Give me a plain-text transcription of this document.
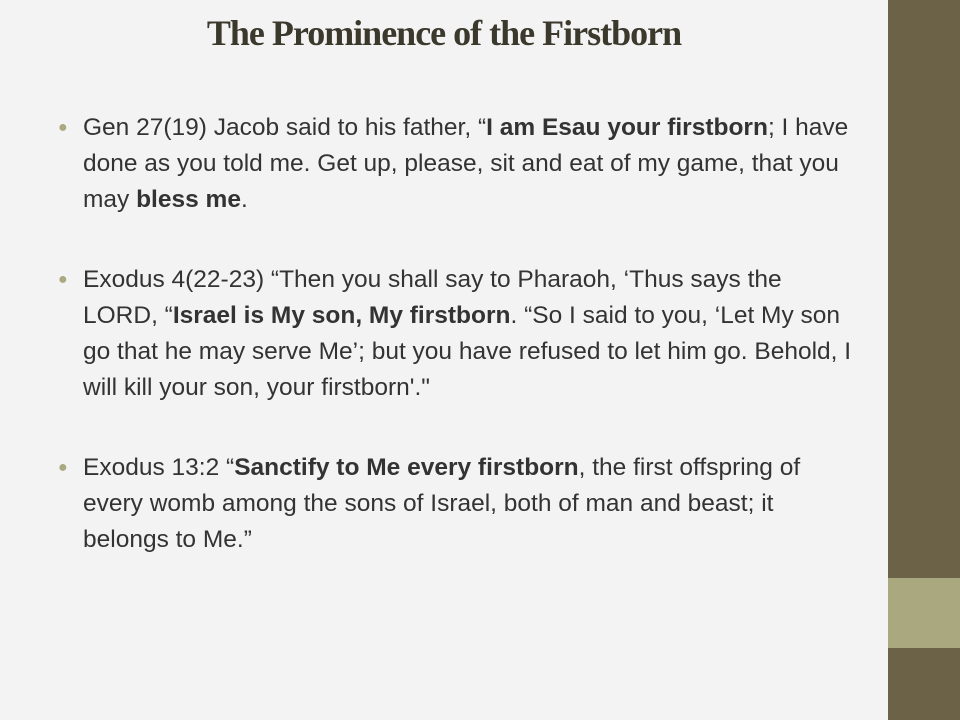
The Prominence of the Firstborn
● Gen 27(19) Jacob said to his father, “I am Esau your firstborn; I have done as you told me. Get up, please, sit and eat of my game, that you may bless me.
● Exodus 4(22-23) “Then you shall say to Pharaoh, ‘Thus says the LORD, “Israel is My son, My firstborn. “So I said to you, ‘Let My son go that he may serve Me’; but you have refused to let him go. Behold, I will kill your son, your firstborn'."
● Exodus 13:2 “Sanctify to Me every firstborn, the first offspring of every womb among the sons of Israel, both of man and beast; it belongs to Me.”
